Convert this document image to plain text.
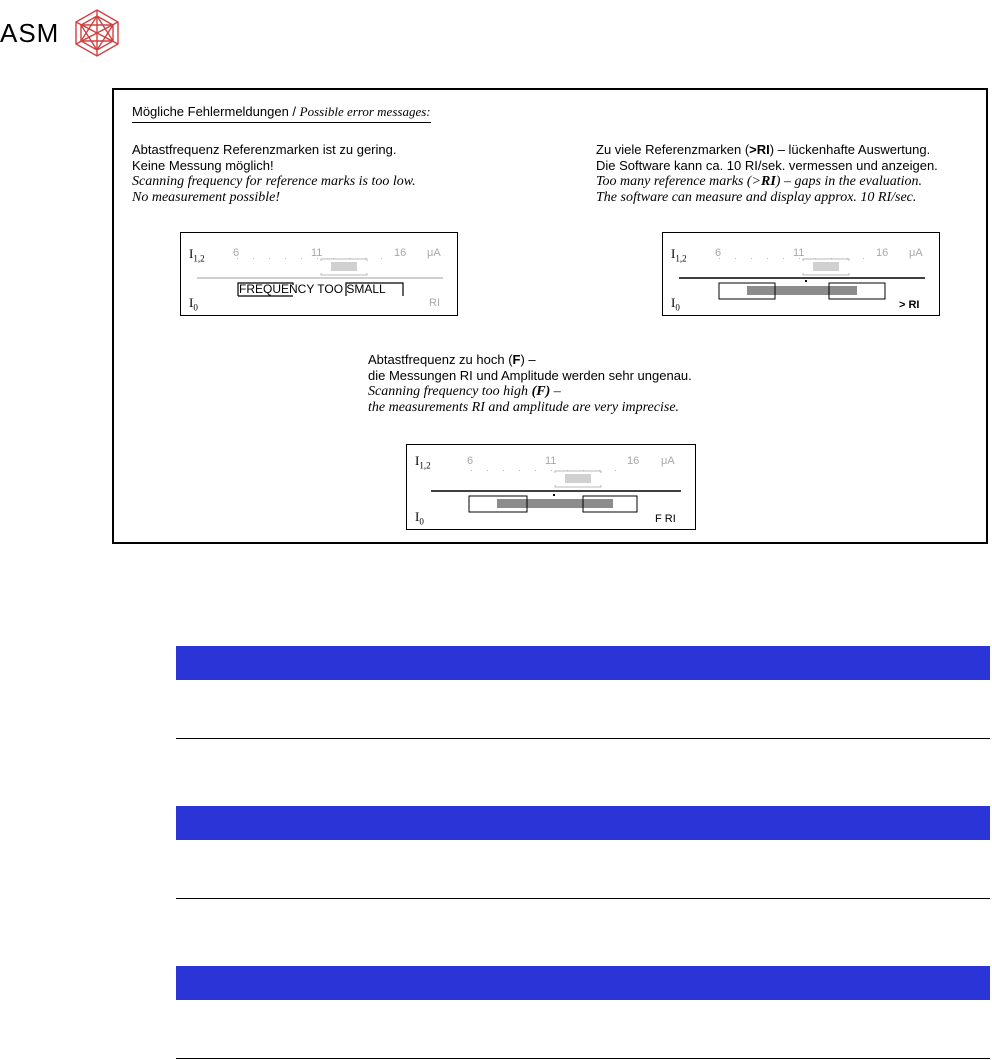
ASM
Mögliche Fehlermeldungen / Possible error messages:
Abtastfrequenz Referenzmarken ist zu gering.
Keine Messung möglich!
Scanning frequency for reference marks is too low.
No measurement possible!
Zu viele Referenzmarken (>RI) – lückenhafte Auswertung.
Die Software kann ca. 10 RI/sek. vermessen und anzeigen.
Too many reference marks (>RI) – gaps in the evaluation.
The software can measure and display approx. 10 RI/sec.
Abtastfrequenz zu hoch (F) –
die Messungen RI und Amplitude werden sehr ungenau.
Scanning frequency too high (F) –
the measurements RI and amplitude are very imprecise.
$I_{1,2}$	6	11	16 μA
FREQUENCY TOO SMALL
$I_0$	RI
$I_{1,2}$	6	11	16 μA
$I_0$	> RI
$I_{1,2}$	6	11	16 μA
$I_0$	F RI
